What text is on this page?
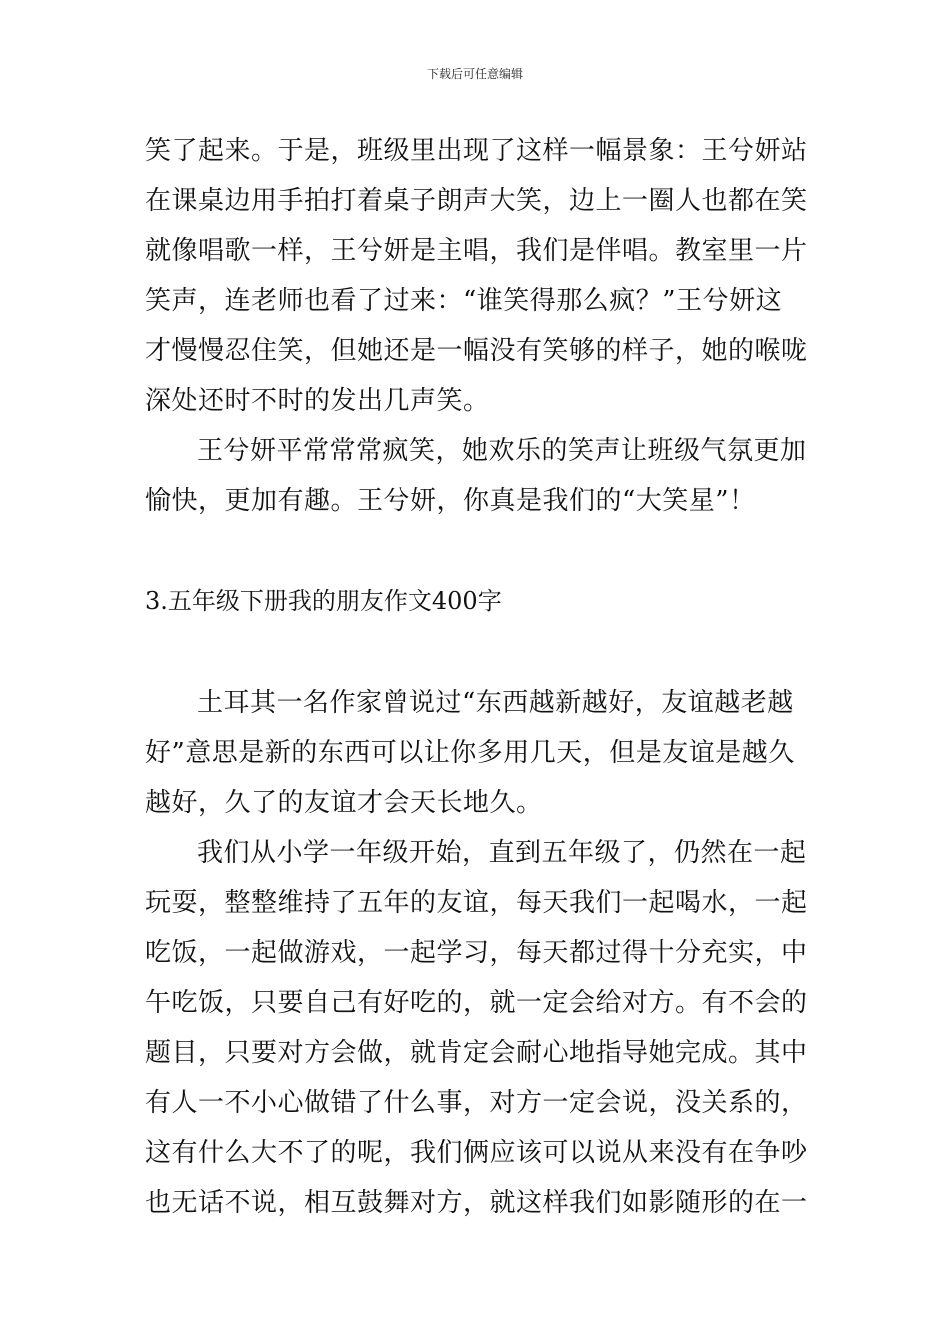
下载后可任意编辑
笑了起来。于是，班级里出现了这样一幅景象：王兮妍站
在课桌边用手拍打着桌子朗声大笑，边上一圈人也都在笑
就像唱歌一样，王兮妍是主唱，我们是伴唱。教室里一片
笑声，连老师也看了过来：“谁笑得那么疯？”王兮妍这
才慢慢忍住笑，但她还是一幅没有笑够的样子，她的喉咙
深处还时不时的发出几声笑。
王兮妍平常常常疯笑，她欢乐的笑声让班级气氛更加
愉快，更加有趣。王兮妍，你真是我们的“大笑星”！
3.五年级下册我的朋友作文400字
土耳其一名作家曾说过“东西越新越好，友谊越老越
好”意思是新的东西可以让你多用几天，但是友谊是越久
越好，久了的友谊才会天长地久。
我们从小学一年级开始，直到五年级了，仍然在一起
玩耍，整整维持了五年的友谊，每天我们一起喝水，一起
吃饭，一起做游戏，一起学习，每天都过得十分充实，中
午吃饭，只要自己有好吃的，就一定会给对方。有不会的
题目，只要对方会做，就肯定会耐心地指导她完成。其中
有人一不小心做错了什么事，对方一定会说，没关系的，
这有什么大不了的呢，我们俩应该可以说从来没有在争吵
也无话不说，相互鼓舞对方，就这样我们如影随形的在一
